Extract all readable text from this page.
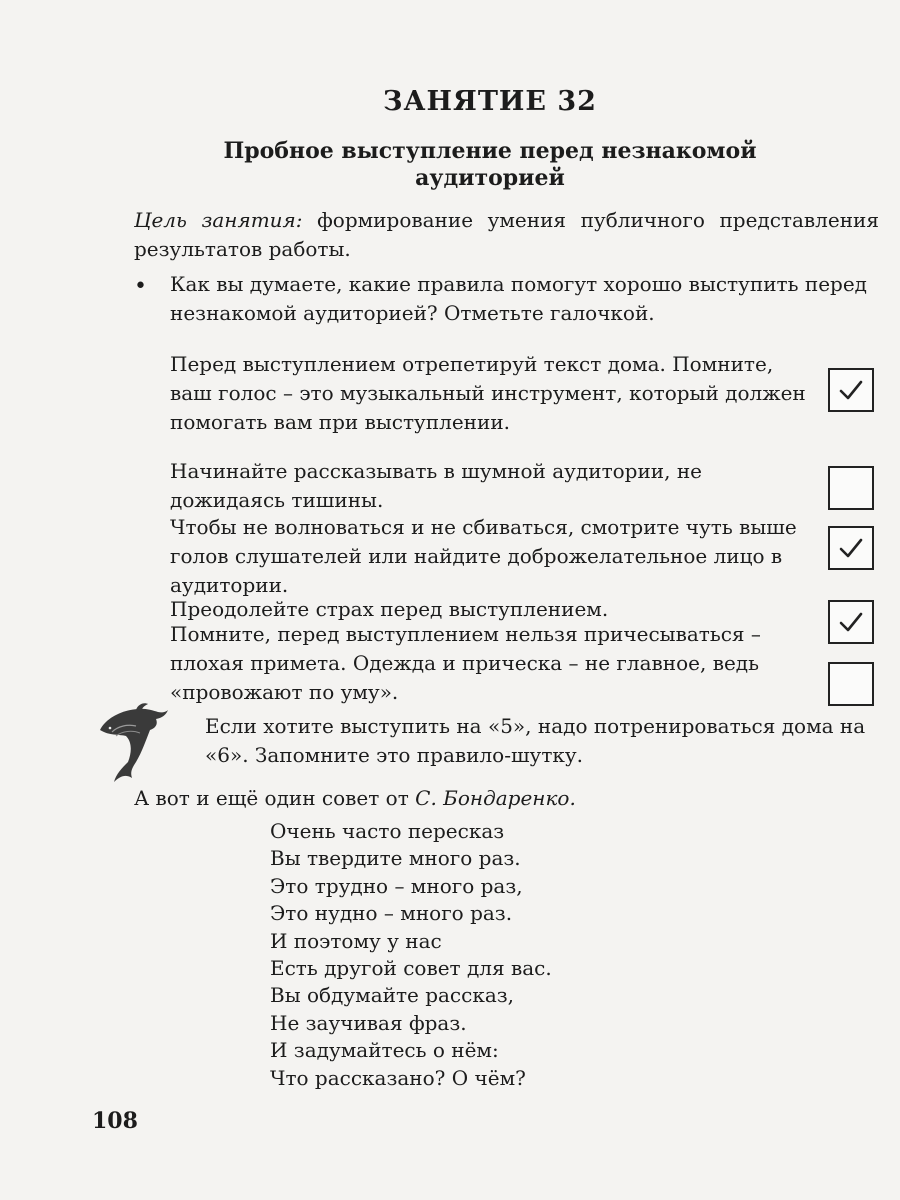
ЗАНЯТИЕ 32
Пробное выступление перед незнакомой аудиторией
Цель занятия: формирование умения публичного представления результатов работы.
• Как вы думаете, какие правила помогут хорошо выступить перед незнакомой аудиторией? Отметьте галочкой.
Перед выступлением отрепетируй текст дома. Помните, ваш голос – это музыкальный инструмент, который должен помогать вам при выступлении.
Начинайте рассказывать в шумной аудитории, не дожидаясь тишины.
Чтобы не волноваться и не сбиваться, смотрите чуть выше голов слушателей или найдите доброжелательное лицо в аудитории.
Преодолейте страх перед выступлением.
Помните, перед выступлением нельзя причесываться – плохая примета. Одежда и прическа – не главное, ведь «провожают по уму».
Если хотите выступить на «5», надо потренироваться дома на «6». Запомните это правило-шутку.
А вот и ещё один совет от С. Бондаренко.
Очень часто пересказ
Вы твердите много раз.
Это трудно – много раз,
Это нудно – много раз.
И поэтому у нас
Есть другой совет для вас.
Вы обдумайте рассказ,
Не заучивая фраз.
И задумайтесь о нём:
Что рассказано? О чём?
108
